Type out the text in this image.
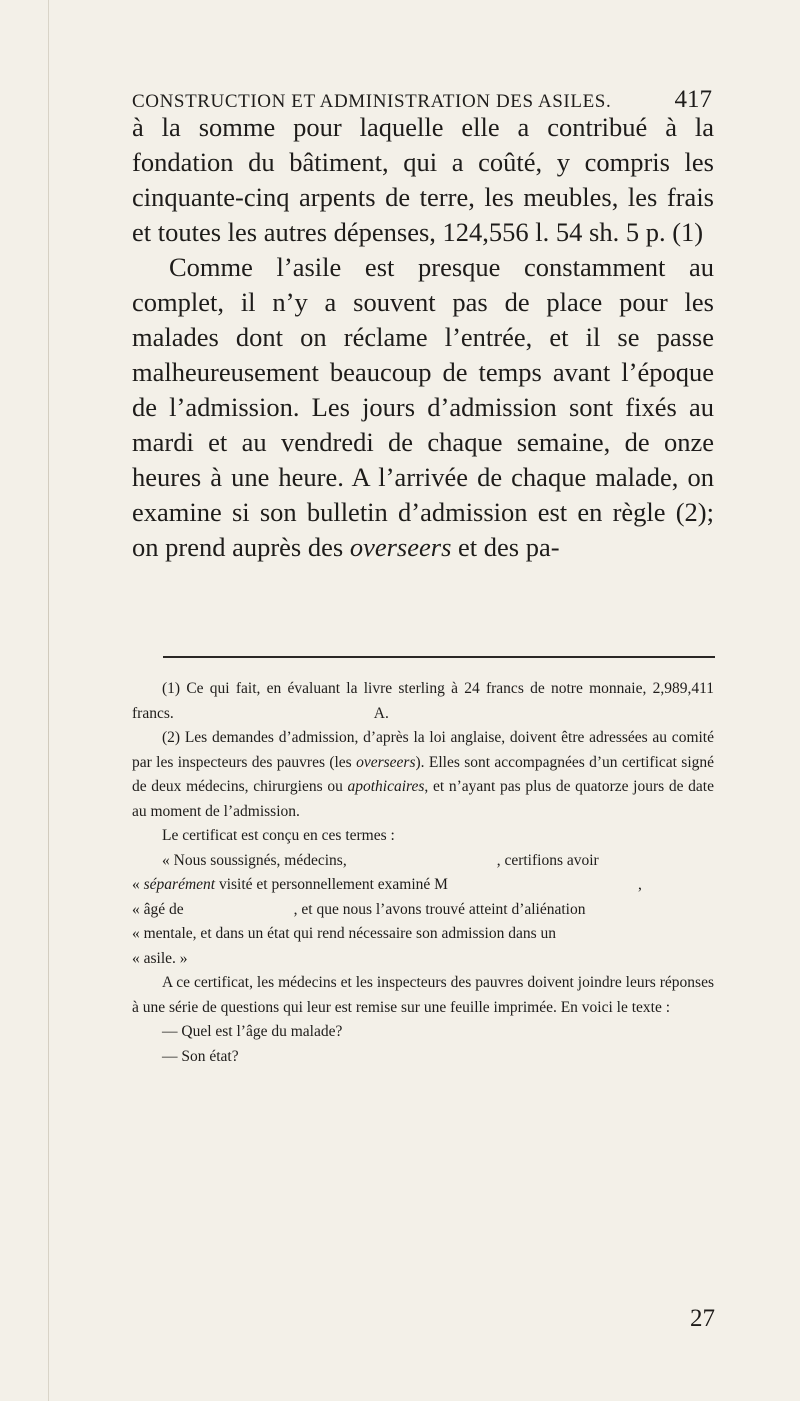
CONSTRUCTION ET ADMINISTRATION DES ASILES.	417

à la somme pour laquelle elle a contribué à la fondation du bâtiment, qui a coûté, y compris les cinquante-cinq arpents de terre, les meubles, les frais et toutes les autres dépenses, 124,556 l. 54 sh. 5 p. (1)

Comme l’asile est presque constamment au complet, il n’y a souvent pas de place pour les malades dont on réclame l’entrée, et il se passe malheureusement beaucoup de temps avant l’époque de l’admission. Les jours d’admission sont fixés au mardi et au vendredi de chaque semaine, de onze heures à une heure. A l’arrivée de chaque malade, on examine si son bulletin d’admission est en règle (2); on prend auprès des overseers et des pa-

(1) Ce qui fait, en évaluant la livre sterling à 24 francs de notre monnaie, 2,989,411 francs.	A.

(2) Les demandes d’admission, d’après la loi anglaise, doivent être adressées au comité par les inspecteurs des pauvres (les overseers). Elles sont accompagnées d’un certificat signé de deux médecins, chirurgiens ou apothicaires, et n’ayant pas plus de quatorze jours de date au moment de l’admission.

Le certificat est conçu en ces termes :

« Nous soussignés, médecins,	, certifions avoir

« séparément visité et personnellement examiné M	,

« âgé de	, et que nous l’avons trouvé atteint d’aliénation

« mentale, et dans un état qui rend nécessaire son admission dans un

« asile. »

A ce certificat, les médecins et les inspecteurs des pauvres doivent joindre leurs réponses à une série de questions qui leur est remise sur une feuille imprimée. En voici le texte :

— Quel est l’âge du malade?

— Son état?

27
